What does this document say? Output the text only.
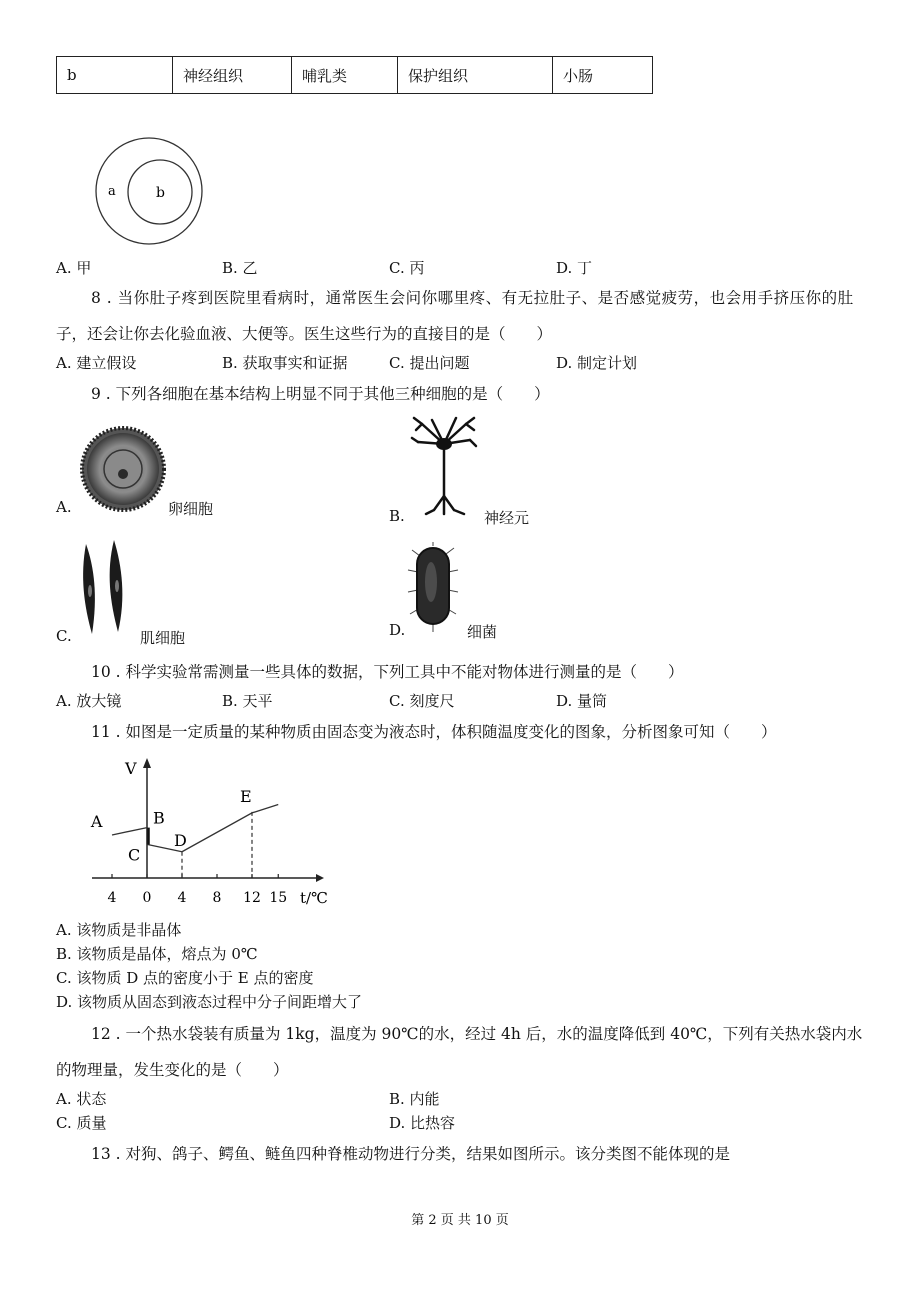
b	神经组织	哺乳类	保护组织	小肠
a	b
A. 甲	B. 乙	C. 丙	D. 丁
8 . 当你肚子疼到医院里看病时，通常医生会问你哪里疼、有无拉肚子、是否感觉疲劳，也会用手挤压你的肚
子，还会让你去化验血液、大便等。医生这些行为的直接目的是（　　）
A. 建立假设	B. 获取事实和证据	C. 提出问题	D. 制定计划
9 . 下列各细胞在基本结构上明显不同于其他三种细胞的是（　　）
A.	卵细胞	B.	神经元
C.	肌细胞	D.	细菌
10 . 科学实验常需测量一些具体的数据，下列工具中不能对物体进行测量的是（　　）
A. 放大镜	B. 天平	C. 刻度尺	D. 量筒
11 . 如图是一定质量的某种物质由固态变为液态时，体积随温度变化的图象，分析图象可知（　　）
V
t/℃
4 0 4 8 12 15
A	B
C
D
E
A. 该物质是非晶体
B. 该物质是晶体，熔点为 0℃
C. 该物质 D 点的密度小于 E 点的密度
D. 该物质从固态到液态过程中分子间距增大了
12 . 一个热水袋装有质量为 1kg，温度为 90℃的水，经过 4h 后，水的温度降低到 40℃，下列有关热水袋内水
的物理量，发生变化的是（　　）
A. 状态	B. 内能
C. 质量	D. 比热容
13 . 对狗、鸽子、鳄鱼、鲢鱼四种脊椎动物进行分类，结果如图所示。该分类图不能体现的是
第 2 页 共 10 页
